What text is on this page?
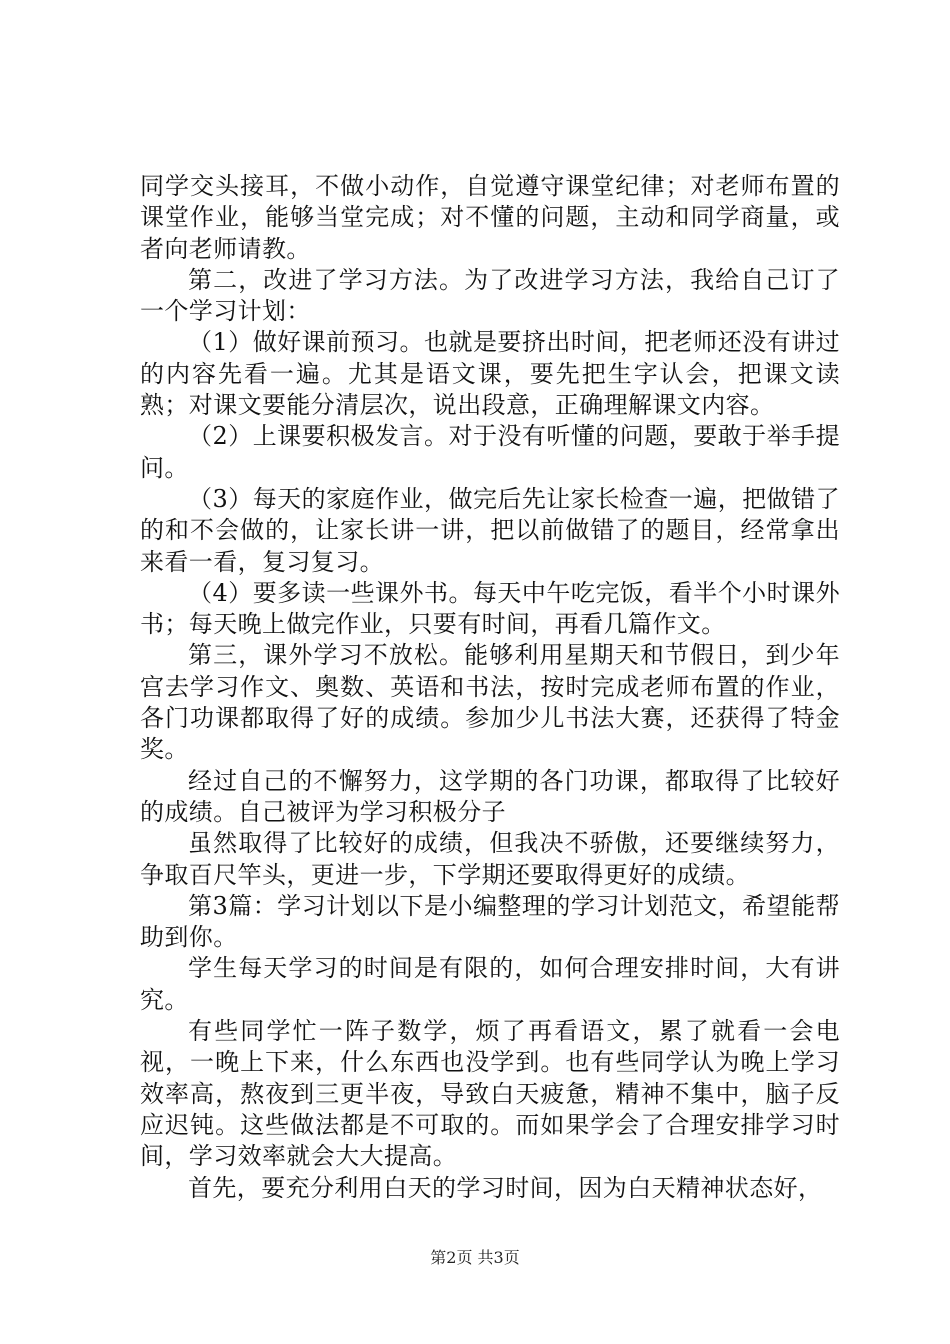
同学交头接耳，不做小动作，自觉遵守课堂纪律；对老师布置的课堂作业，能够当堂完成；对不懂的问题，主动和同学商量，或者向老师请教。

第二，改进了学习方法。为了改进学习方法，我给自己订了一个学习计划：

（1）做好课前预习。也就是要挤出时间，把老师还没有讲过的内容先看一遍。尤其是语文课，要先把生字认会，把课文读熟；对课文要能分清层次，说出段意，正确理解课文内容。

（2）上课要积极发言。对于没有听懂的问题，要敢于举手提问。

（3）每天的家庭作业，做完后先让家长检查一遍，把做错了的和不会做的，让家长讲一讲，把以前做错了的题目，经常拿出来看一看，复习复习。

（4）要多读一些课外书。每天中午吃完饭，看半个小时课外书；每天晚上做完作业，只要有时间，再看几篇作文。

第三，课外学习不放松。能够利用星期天和节假日，到少年宫去学习作文、奥数、英语和书法，按时完成老师布置的作业，各门功课都取得了好的成绩。参加少儿书法大赛，还获得了特金奖。

经过自己的不懈努力，这学期的各门功课，都取得了比较好的成绩。自己被评为学习积极分子

虽然取得了比较好的成绩，但我决不骄傲，还要继续努力，争取百尺竿头，更进一步，下学期还要取得更好的成绩。

第3篇：学习计划以下是小编整理的学习计划范文，希望能帮助到你。

学生每天学习的时间是有限的，如何合理安排时间，大有讲究。

有些同学忙一阵子数学，烦了再看语文，累了就看一会电视，一晚上下来，什么东西也没学到。也有些同学认为晚上学习效率高，熬夜到三更半夜，导致白天疲惫，精神不集中，脑子反应迟钝。这些做法都是不可取的。而如果学会了合理安排学习时间，学习效率就会大大提高。

首先，要充分利用白天的学习时间，因为白天精神状态好，

第2页 共3页
